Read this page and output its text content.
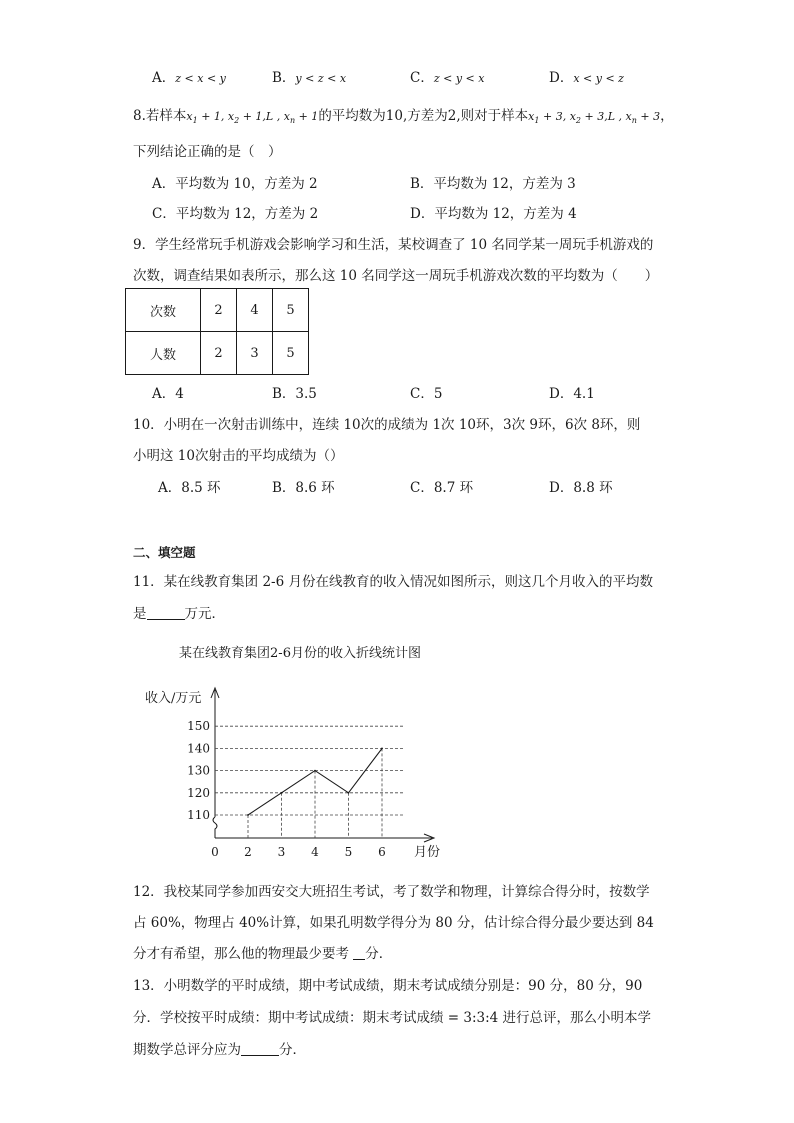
A．z < x < y	B．y < z < x	C．z < y < x	D．x < y < z
8.若样本$x_1 + 1$, $x_2 + 1,L$ , $x_n + 1$的平均数为10,方差为2,则对于样本$x_1 + 3$, $x_2 + 3,L$ , $x_n + 3$，
下列结论正确的是（　）
A．平均数为 10，方差为 2	B．平均数为 12，方差为 3
C．平均数为 12，方差为 2	D．平均数为 12，方差为 4
9．学生经常玩手机游戏会影响学习和生活，某校调查了 10 名同学某一周玩手机游戏的
次数，调查结果如表所示，那么这 10 名同学这一周玩手机游戏次数的平均数为（　　）
次数	2	4	5
人数	2	3	5
A．4	B．3.5	C．5	D．4.1
10．小明在一次射击训练中，连续 10次的成绩为 1次 10环，3次 9环，6次 8环，则
小明这 10次射击的平均成绩为（）
A．8.5 环	B．8.6 环	C．8.7 环	D．8.8 环
二、填空题
11．某在线教育集团 2-6 月份在线教育的收入情况如图所示，则这几个月收入的平均数
是	万元．
某在线教育集团2-6月份的收入折线统计图
收入/万元
月份
110
120
130
140
150
0 2 3 4 5 6
12．我校某同学参加西安交大班招生考试，考了数学和物理，计算综合得分时，按数学
占 60%，物理占 40%计算，如果孔明数学得分为 80 分，估计综合得分最少要达到 84
分才有希望，那么他的物理最少要考 分．
13．小明数学的平时成绩，期中考试成绩，期末考试成绩分别是：90 分，80 分，90
分．学校按平时成绩：期中考试成绩：期末考试成绩 = 3:3:4 进行总评，那么小明本学
期数学总评分应为	分．
